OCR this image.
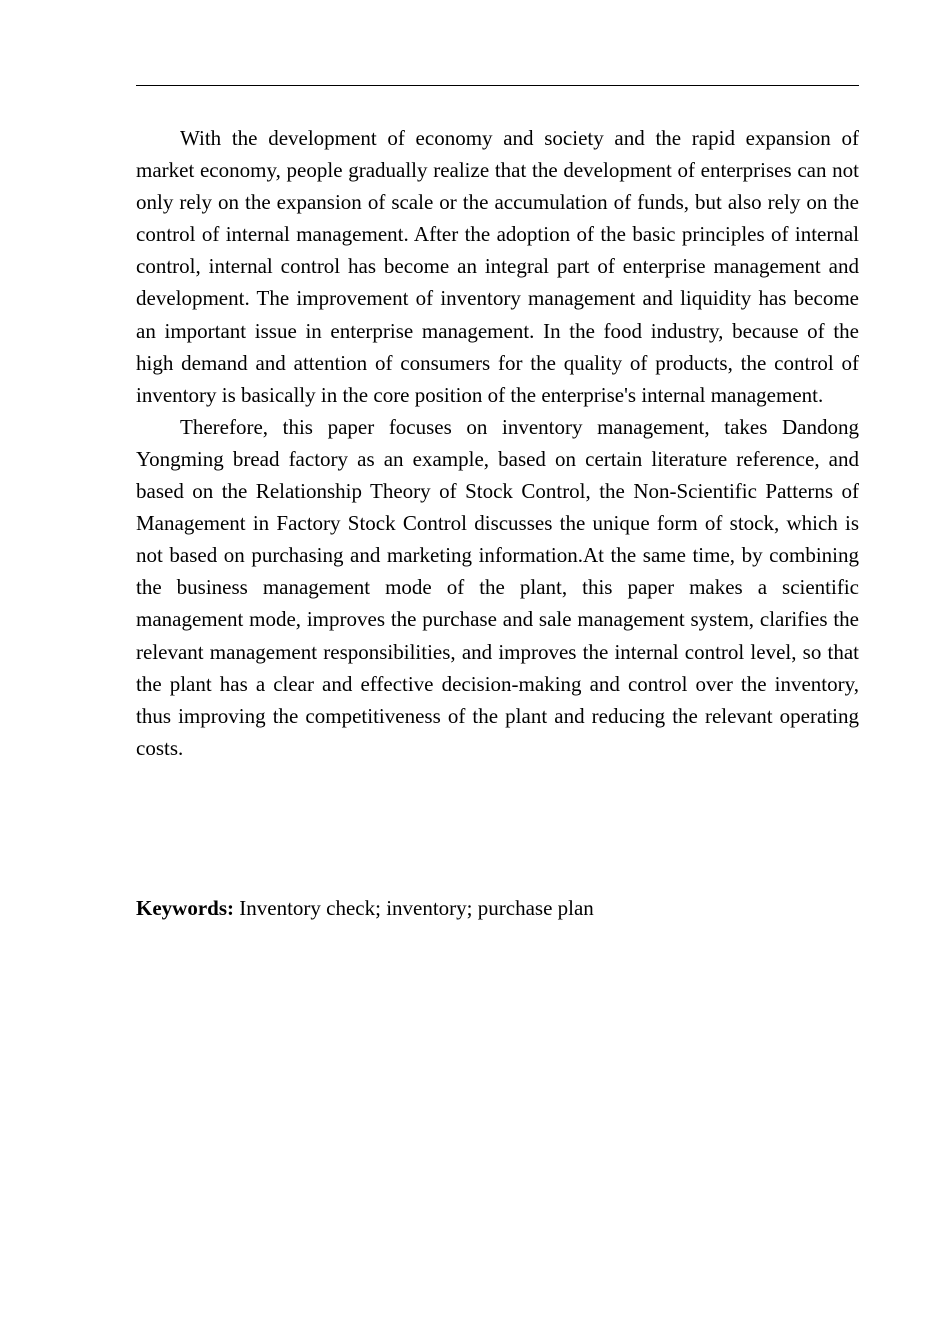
With the development of economy and society and the rapid expansion of market economy, people gradually realize that the development of enterprises can not only rely on the expansion of scale or the accumulation of funds, but also rely on the control of internal management. After the adoption of the basic principles of internal control, internal control has become an integral part of enterprise management and development. The improvement of inventory management and liquidity has become an important issue in enterprise management. In the food industry, because of the high demand and attention of consumers for the quality of products, the control of inventory is basically in the core position of the enterprise's internal management.

Therefore, this paper focuses on inventory management, takes Dandong Yongming bread factory as an example, based on certain literature reference, and based on the Relationship Theory of Stock Control, the Non-Scientific Patterns of Management in Factory Stock Control discusses the unique form of stock, which is not based on purchasing and marketing information.At the same time, by combining the business management mode of the plant, this paper makes a scientific management mode, improves the purchase and sale management system, clarifies the relevant management responsibilities, and improves the internal control level, so that the plant has a clear and effective decision-making and control over the inventory, thus improving the competitiveness of the plant and reducing the relevant operating costs.

Keywords: Inventory check; inventory; purchase plan
